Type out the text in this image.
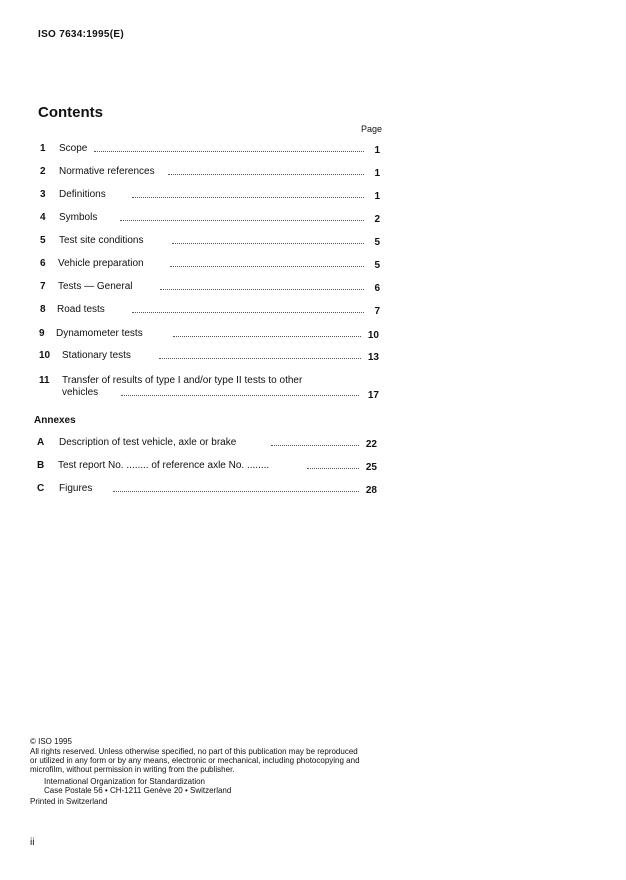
ISO 7634:1995(E)
Contents
Page
1 Scope	1
2 Normative references	1
3 Definitions	1
4 Symbols	2
5 Test site conditions	5
6 Vehicle preparation	5
7 Tests — General	6
8 Road tests	7
9 Dynamometer tests	10
10 Stationary tests	13
11 Transfer of results of type I and/or type II tests to other
vehicles	17
Annexes
A Description of test vehicle, axle or brake	22
B Test report No. ........ of reference axle No. ........	25
C Figures	28
© ISO 1995
All rights reserved. Unless otherwise specified, no part of this publication may be reproduced
or utilized in any form or by any means, electronic or mechanical, including photocopying and
microfilm, without permission in writing from the publisher.
International Organization for Standardization
Case Postale 56 • CH-1211 Genève 20 • Switzerland
Printed in Switzerland
ii
